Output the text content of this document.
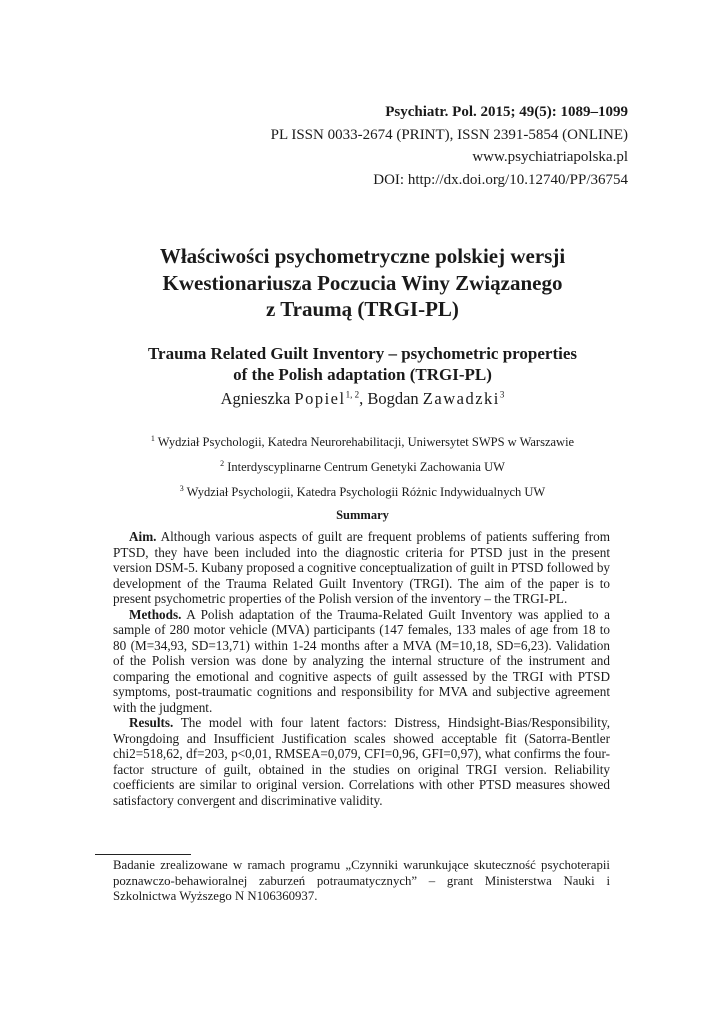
Psychiatr. Pol. 2015; 49(5): 1089–1099
PL ISSN 0033-2674 (PRINT), ISSN 2391-5854 (ONLINE)
www.psychiatriapolska.pl
DOI: http://dx.doi.org/10.12740/PP/36754
Właściwości psychometryczne polskiej wersji
Kwestionariusza Poczucia Winy Związanego
z Traumą (TRGI-PL)
Trauma Related Guilt Inventory – psychometric properties
of the Polish adaptation (TRGI-PL)
Agnieszka Popiel$^{1, 2}$, Bogdan Zawadzki$^3$
$^1$ Wydział Psychologii, Katedra Neurorehabilitacji, Uniwersytet SWPS w Warszawie
$^2$ Interdyscyplinarne Centrum Genetyki Zachowania UW
$^3$ Wydział Psychologii, Katedra Psychologii Różnic Indywidualnych UW
Summary

Aim. Although various aspects of guilt are frequent problems of patients suffering from PTSD, they have been included into the diagnostic criteria for PTSD just in the present version DSM-5. Kubany proposed a cognitive conceptualization of guilt in PTSD followed by development of the Trauma Related Guilt Inventory (TRGI). The aim of the paper is to present psychometric properties of the Polish version of the inventory – the TRGI-PL.

Methods. A Polish adaptation of the Trauma-Related Guilt Inventory was applied to a sample of 280 motor vehicle (MVA) participants (147 females, 133 males of age from 18 to 80 (M=34,93, SD=13,71) within 1-24 months after a MVA (M=10,18, SD=6,23). Validation of the Polish version was done by analyzing the internal structure of the instrument and comparing the emotional and cognitive aspects of guilt assessed by the TRGI with PTSD symptoms, post-traumatic cognitions and responsibility for MVA and subjective agreement with the judgment.

Results. The model with four latent factors: Distress, Hindsight-Bias/Responsibility, Wrongdoing and Insufficient Justification scales showed acceptable fit (Satorra-Bentler chi2=518,62, df=203, p<0,01, RMSEA=0,079, CFI=0,96, GFI=0,97), what confirms the four-factor structure of guilt, obtained in the studies on original TRGI version. Reliability coefficients are similar to original version. Correlations with other PTSD measures showed satisfactory convergent and discriminative validity.

Badanie zrealizowane w ramach programu „Czynniki warunkujące skuteczność psychoterapii poznawczo-behawioralnej zaburzeń potraumatycznych” – grant Ministerstwa Nauki i Szkolnictwa Wyższego N N106360937.
